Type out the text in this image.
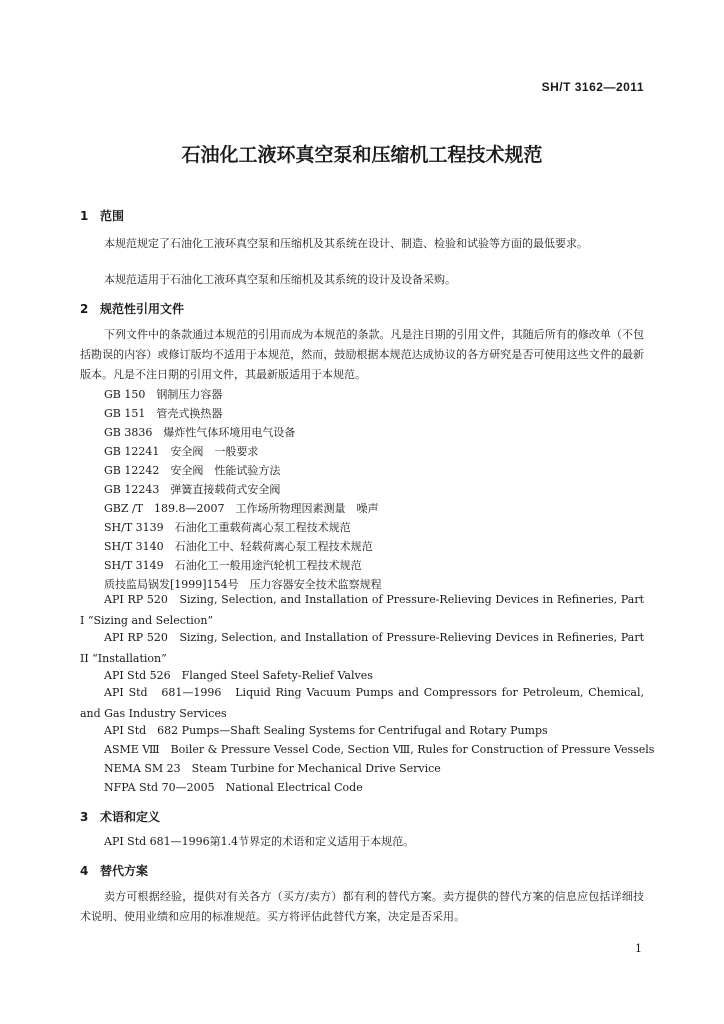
SH/T 3162—2011
石油化工液环真空泵和压缩机工程技术规范
1 范围
本规范规定了石油化工液环真空泵和压缩机及其系统在设计、制造、检验和试验等方面的最低要求。
本规范适用于石油化工液环真空泵和压缩机及其系统的设计及设备采购。
2 规范性引用文件
下列文件中的条款通过本规范的引用而成为本规范的条款。凡是注日期的引用文件，其随后所有的修改单（不包括勘误的内容）或修订版均不适用于本规范，然而，鼓励根据本规范达成协议的各方研究是否可使用这些文件的最新版本。凡是不注日期的引用文件，其最新版适用于本规范。
GB 150　钢制压力容器
GB 151　管壳式换热器
GB 3836　爆炸性气体环境用电气设备
GB 12241　安全阀　一般要求
GB 12242　安全阀　性能试验方法
GB 12243　弹簧直接载荷式安全阀
GBZ /T　189.8—2007　工作场所物理因素测量　噪声
SH/T 3139　石油化工重载荷离心泵工程技术规范
SH/T 3140　石油化工中、轻载荷离心泵工程技术规范
SH/T 3149　石油化工一般用途汽轮机工程技术规范
质技监局锅发[1999]154号　压力容器安全技术监察规程
API RP 520　Sizing, Selection, and Installation of Pressure-Relieving Devices in Refineries, Part I “Sizing and Selection”
API RP 520　Sizing, Selection, and Installation of Pressure-Relieving Devices in Refineries, Part II “Installation”
API Std 526　Flanged Steel Safety-Relief Valves
API Std　681—1996　Liquid Ring Vacuum Pumps and Compressors for Petroleum, Chemical, and Gas Industry Services
API Std　682 Pumps—Shaft Sealing Systems for Centrifugal and Rotary Pumps
ASME Ⅷ　Boiler & Pressure Vessel Code, Section Ⅷ, Rules for Construction of Pressure Vessels
NEMA SM 23　Steam Turbine for Mechanical Drive Service
NFPA Std 70—2005　National Electrical Code
3 术语和定义
API Std 681—1996第1.4节界定的术语和定义适用于本规范。
4 替代方案
卖方可根据经验，提供对有关各方（买方/卖方）都有利的替代方案。卖方提供的替代方案的信息应包括详细技术说明、使用业绩和应用的标准规范。买方将评估此替代方案，决定是否采用。
1
